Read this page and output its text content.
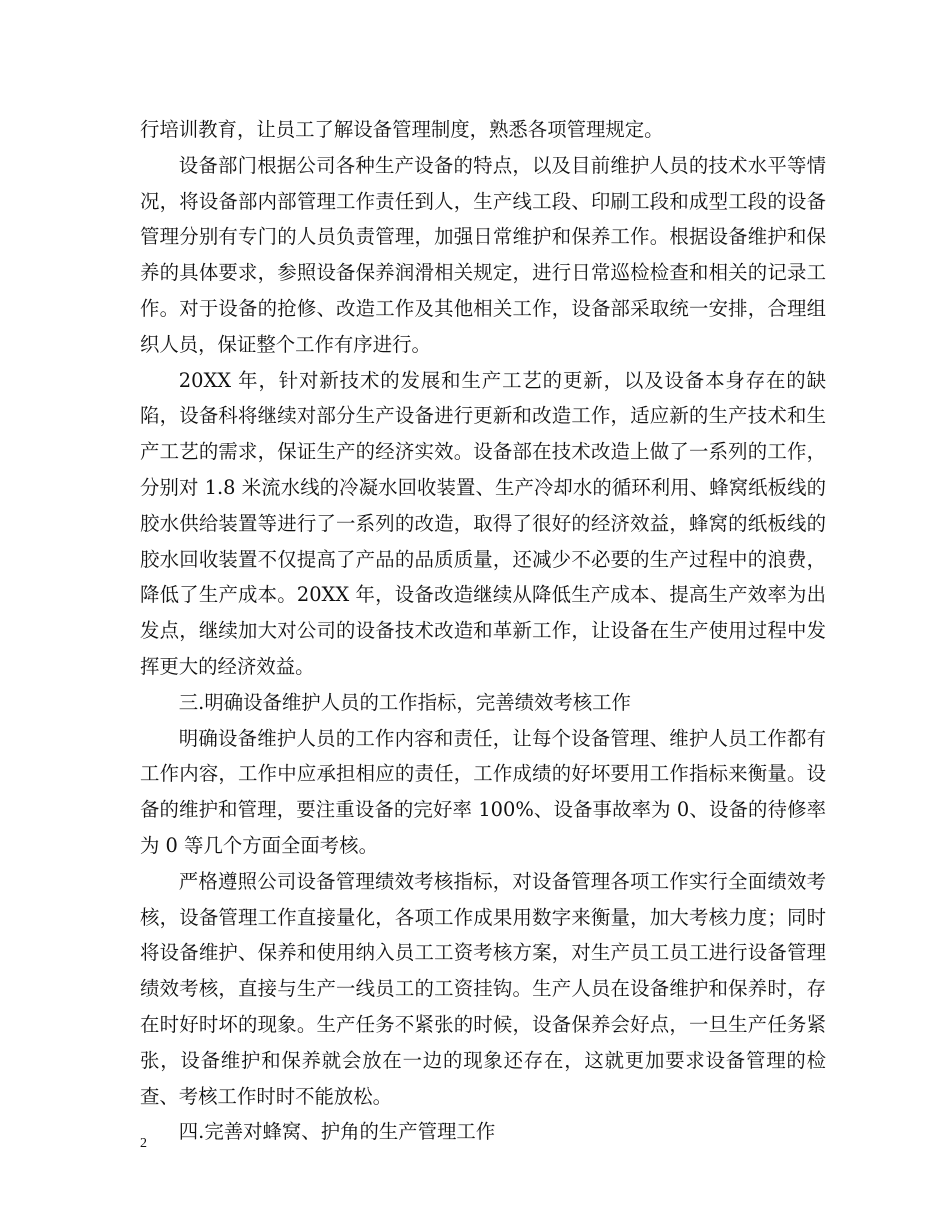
行培训教育，让员工了解设备管理制度，熟悉各项管理规定。

设备部门根据公司各种生产设备的特点，以及目前维护人员的技术水平等情况，将设备部内部管理工作责任到人，生产线工段、印刷工段和成型工段的设备管理分别有专门的人员负责管理，加强日常维护和保养工作。根据设备维护和保养的具体要求，参照设备保养润滑相关规定，进行日常巡检检查和相关的记录工作。对于设备的抢修、改造工作及其他相关工作，设备部采取统一安排，合理组织人员，保证整个工作有序进行。

20XX 年，针对新技术的发展和生产工艺的更新，以及设备本身存在的缺陷，设备科将继续对部分生产设备进行更新和改造工作，适应新的生产技术和生产工艺的需求，保证生产的经济实效。设备部在技术改造上做了一系列的工作，分别对 1.8 米流水线的冷凝水回收装置、生产冷却水的循环利用、蜂窝纸板线的胶水供给装置等进行了一系列的改造，取得了很好的经济效益，蜂窝的纸板线的胶水回收装置不仅提高了产品的品质质量，还减少不必要的生产过程中的浪费，降低了生产成本。20XX 年，设备改造继续从降低生产成本、提高生产效率为出发点，继续加大对公司的设备技术改造和革新工作，让设备在生产使用过程中发挥更大的经济效益。

三.明确设备维护人员的工作指标，完善绩效考核工作

明确设备维护人员的工作内容和责任，让每个设备管理、维护人员工作都有工作内容，工作中应承担相应的责任，工作成绩的好坏要用工作指标来衡量。设备的维护和管理，要注重设备的完好率 100%、设备事故率为 0、设备的待修率为 0 等几个方面全面考核。

严格遵照公司设备管理绩效考核指标，对设备管理各项工作实行全面绩效考核，设备管理工作直接量化，各项工作成果用数字来衡量，加大考核力度；同时将设备维护、保养和使用纳入员工工资考核方案，对生产员工员工进行设备管理绩效考核，直接与生产一线员工的工资挂钩。生产人员在设备维护和保养时，存在时好时坏的现象。生产任务不紧张的时候，设备保养会好点，一旦生产任务紧张，设备维护和保养就会放在一边的现象还存在，这就更加要求设备管理的检查、考核工作时时不能放松。

四.完善对蜂窝、护角的生产管理工作

2
